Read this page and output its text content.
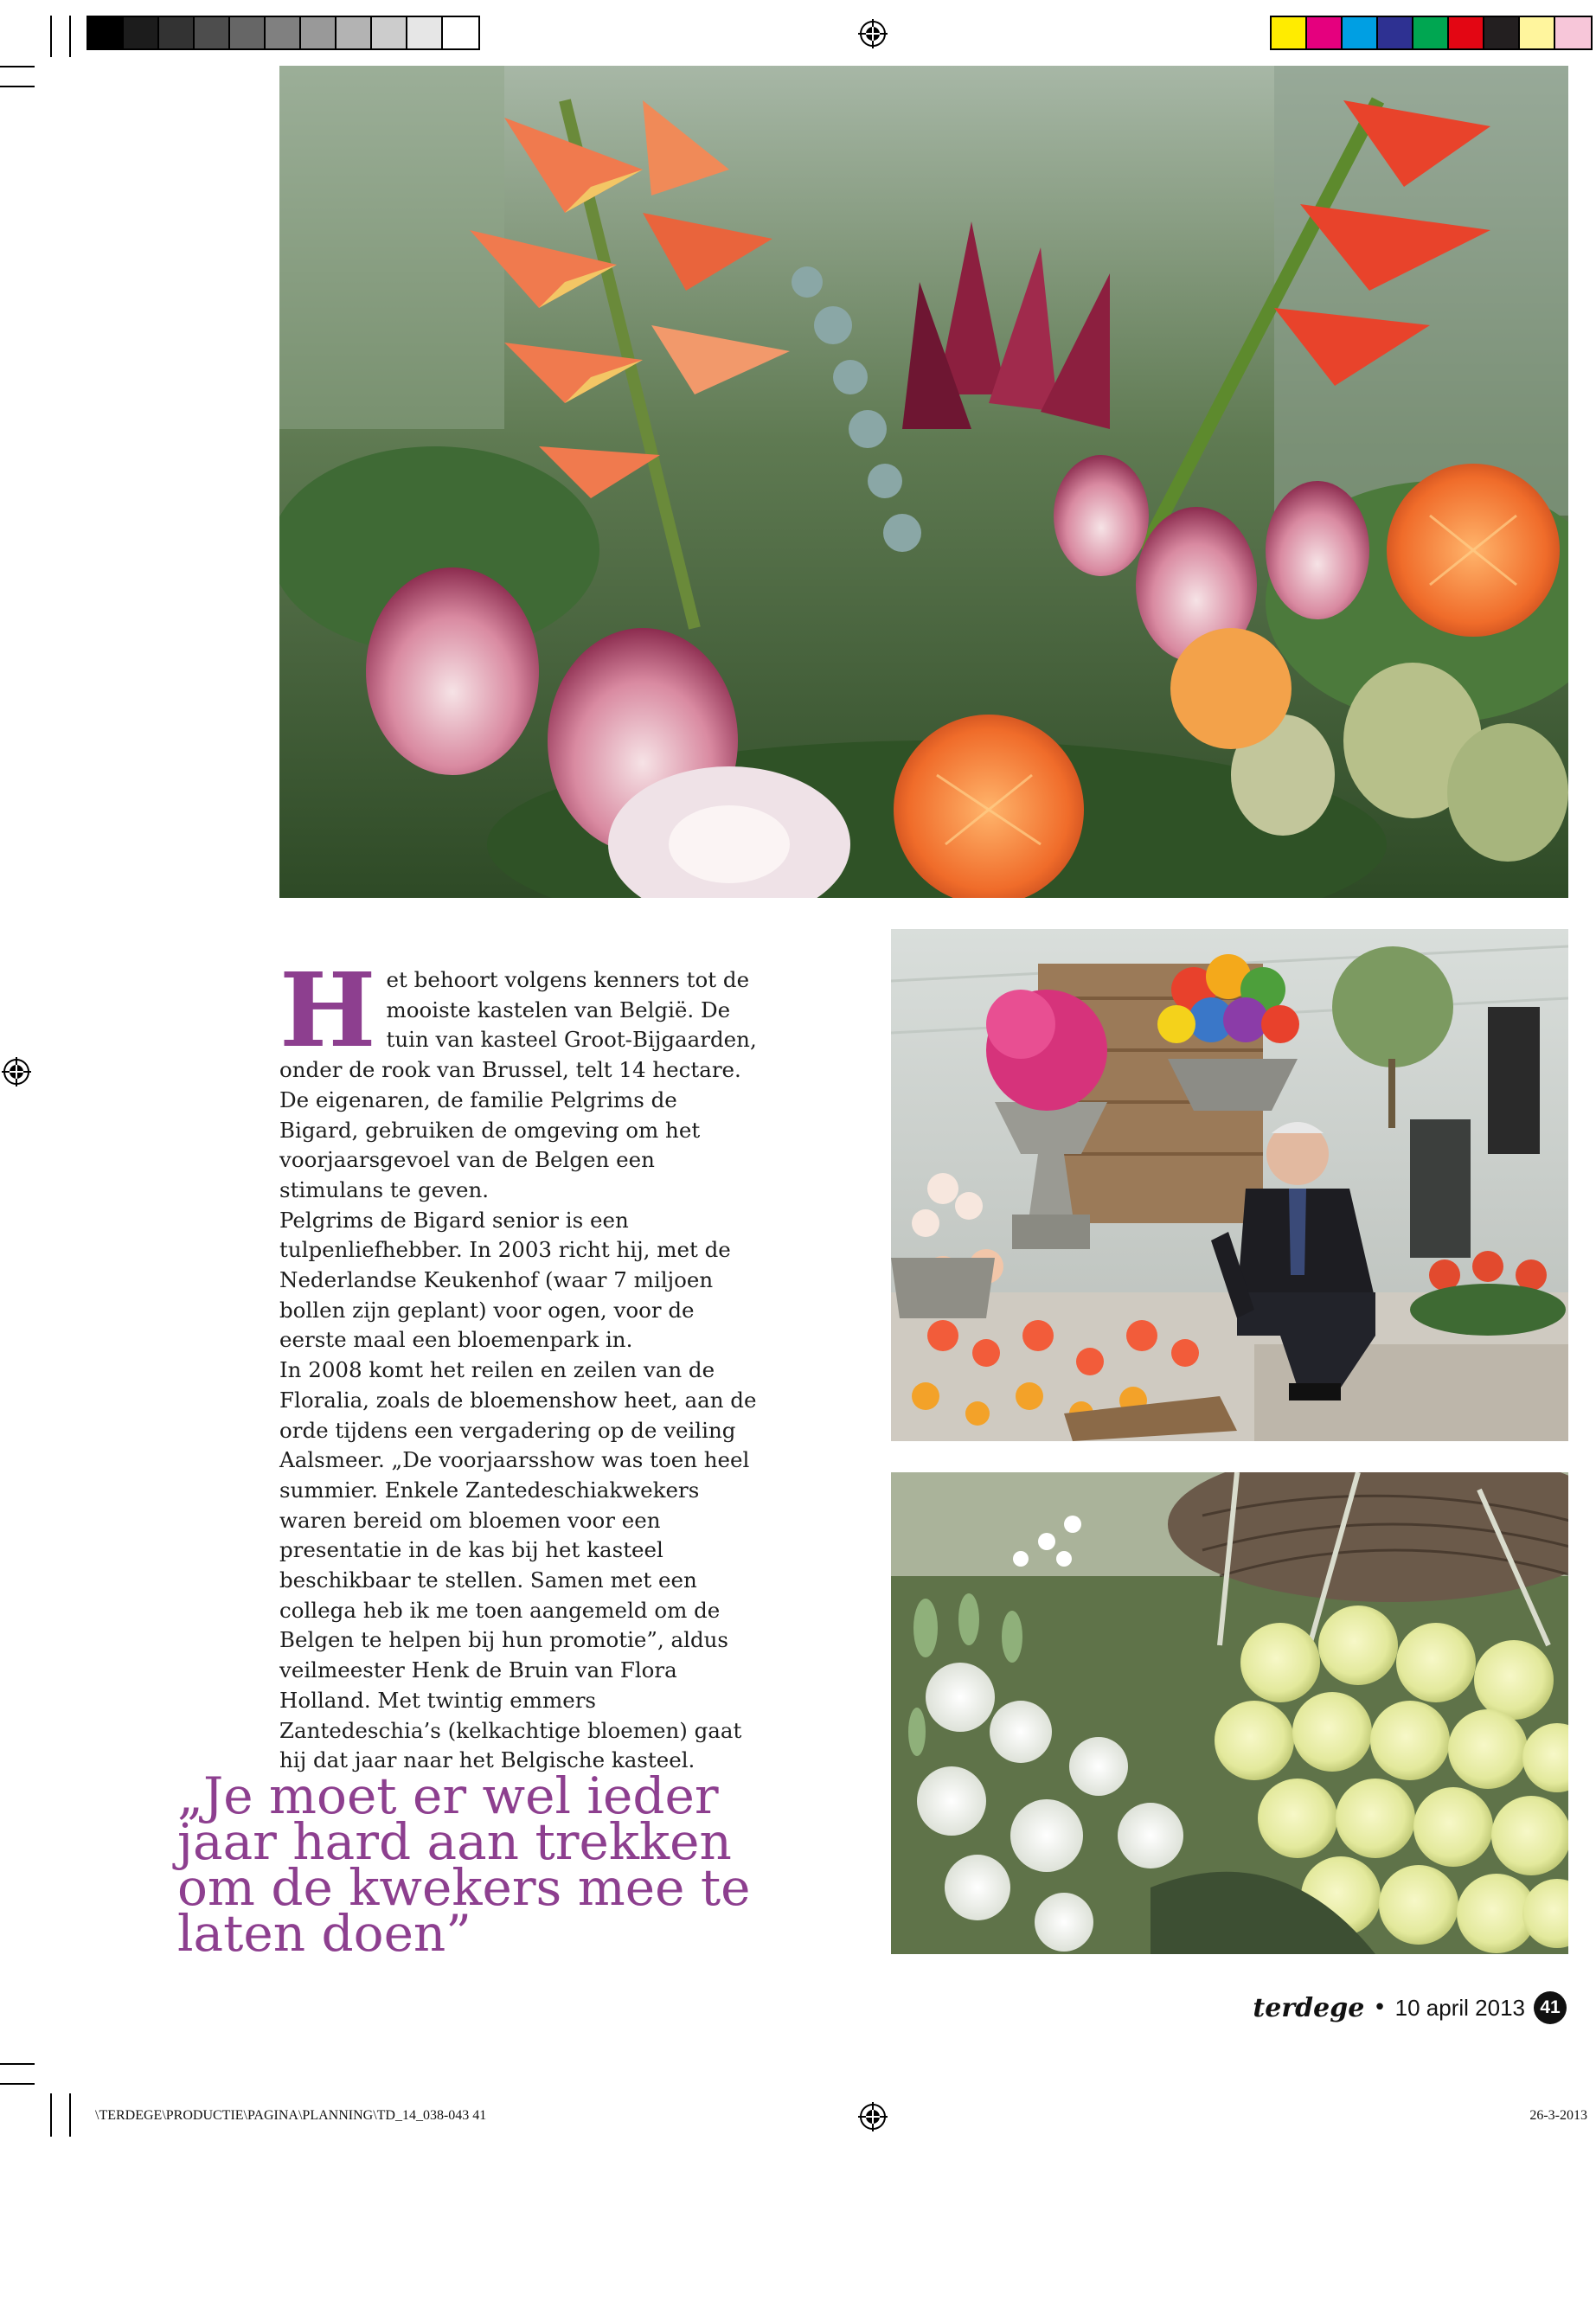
H et behoort volgens kenners tot de mooiste kastelen van België. De tuin van kasteel Groot-Bijgaarden, onder de rook van Brussel, telt 14 hectare. De eigenaren, de familie Pelgrims de Bigard, gebruiken de omgeving om het voorjaarsgevoel van de Belgen een stimulans te geven.

Pelgrims de Bigard senior is een tulpenliefhebber. In 2003 richt hij, met de Nederlandse Keukenhof (waar 7 miljoen bollen zijn geplant) voor ogen, voor de eerste maal een bloemenpark in.

In 2008 komt het reilen en zeilen van de Floralia, zoals de bloemenshow heet, aan de orde tijdens een vergadering op de veiling Aalsmeer. „De voorjaarsshow was toen heel summier. Enkele Zantedeschiakwekers waren bereid om bloemen voor een presentatie in de kas bij het kasteel beschikbaar te stellen. Samen met een collega heb ik me toen aangemeld om de Belgen te helpen bij hun promotie”, aldus veilmeester Henk de Bruin van Flora Holland. Met twintig emmers Zantedeschia’s (kelkachtige bloemen) gaat hij dat jaar naar het Belgische kasteel.

„Je moet er wel ieder jaar hard aan trekken om de kwekers mee te laten doen”
terdege • 10 april 2013 41
\TERDEGE\PRODUCTIE\PAGINA\PLANNING\TD_14_038-043 41	26-3-2013
